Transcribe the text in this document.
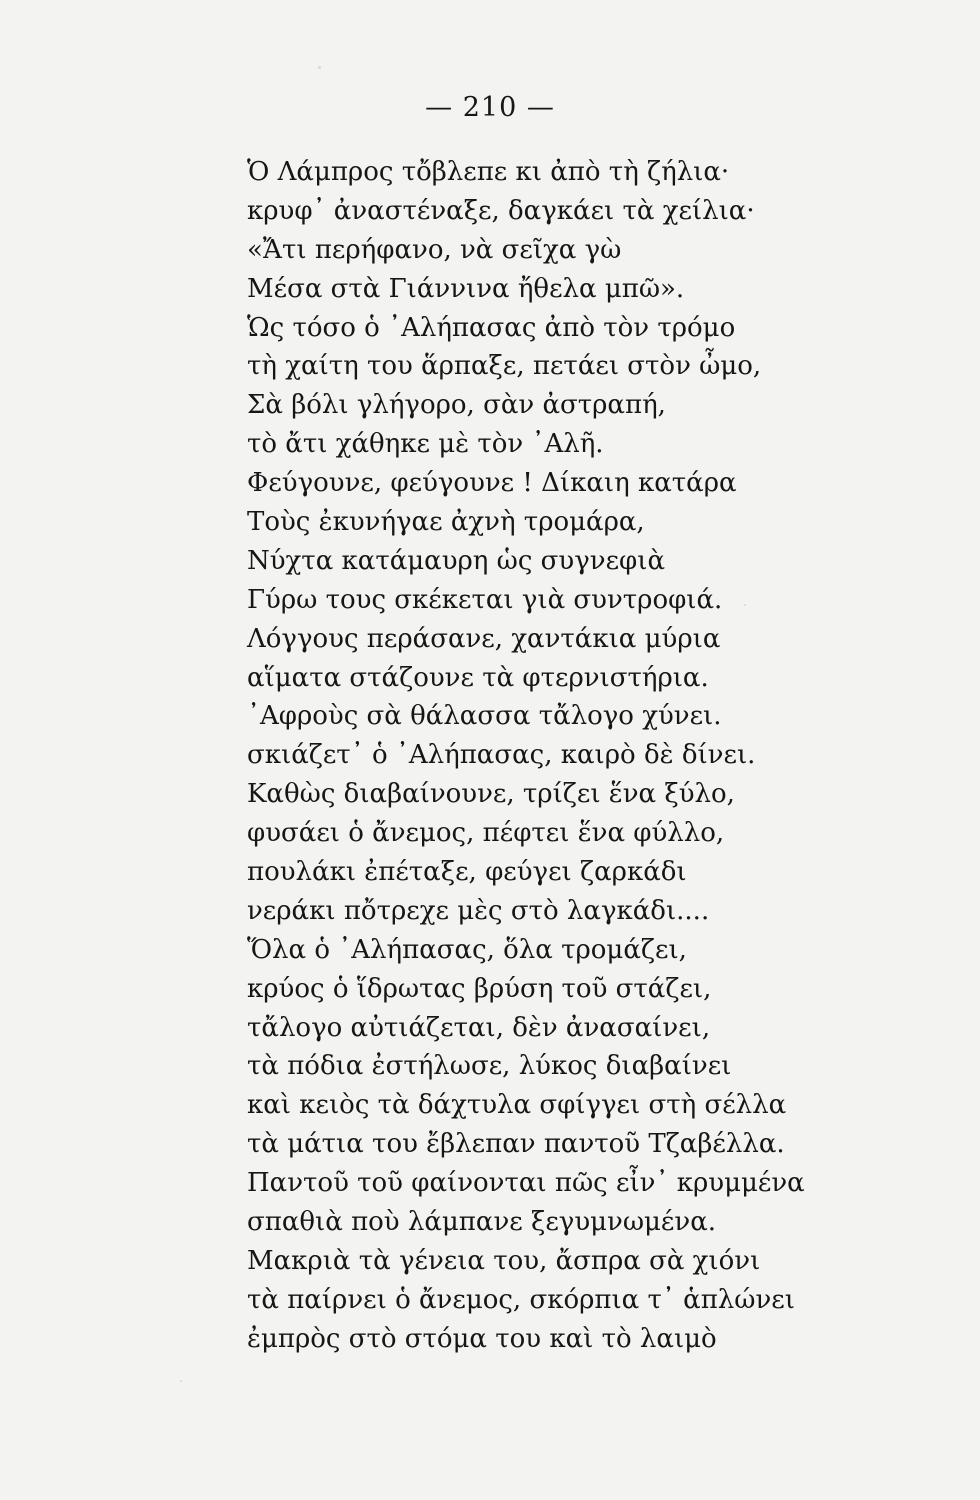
— 210 —
Ὁ Λάμπρος τὄβλεπε κι ἀπὸ τὴ ζήλια·
κρυφ᾽ ἀναστέναξε, δαγκάει τὰ χείλια·
«Ἄτι περήφανο, νὰ σεῖχα γὼ
Μέσα στὰ Γιάννινα ἤθελα μπῶ».
Ὡς τόσο ὁ ᾽Αλήπασας ἀπὸ τὸν τρόμο
τὴ χαίτη του ἅρπαξε, πετάει στὸν ὦμο,
Σὰ βόλι γλήγορο, σὰν ἀστραπή,
τὸ ἄτι χάθηκε μὲ τὸν ᾽Αλῆ.
Φεύγουνε, φεύγουνε ! Δίκαιη κατάρα
Τοὺς ἐκυνήγαε ἀχνὴ τρομάρα,
Νύχτα κατάμαυρη ὡς συγνεφιὰ
Γύρω τους σκέκεται γιὰ συντροφιά.
Λόγγους περάσανε, χαντάκια μύρια
αἵματα στάζουνε τὰ φτερνιστήρια.
᾽Αφροὺς σὰ θάλασσα τἄλογο χύνει.
σκιάζετ᾽ ὁ ᾽Αλήπασας, καιρὸ δὲ δίνει.
Καθὼς διαβαίνουνε, τρίζει ἕνα ξύλο,
φυσάει ὁ ἄνεμος, πέφτει ἕνα φύλλο,
πουλάκι ἐπέταξε, φεύγει ζαρκάδι
νεράκι πὄτρεχε μὲς στὸ λαγκάδι....
Ὅλα ὁ ᾽Αλήπασας, ὅλα τρομάζει,
κρύος ὁ ἵδρωτας βρύση τοῦ στάζει,
τἄλογο αὐτιάζεται, δὲν ἀνασαίνει,
τὰ πόδια ἐστήλωσε, λύκος διαβαίνει
καὶ κειὸς τὰ δάχτυλα σφίγγει στὴ σέλλα
τὰ μάτια του ἔβλεπαν παντοῦ Τζαβέλλα.
Παντοῦ τοῦ φαίνονται πῶς εἶν᾽ κρυμμένα
σπαθιὰ ποὺ λάμπανε ξεγυμνωμένα.
Μακριὰ τὰ γένεια του, ἄσπρα σὰ χιόνι
τὰ παίρνει ὁ ἄνεμος, σκόρπια τ᾽ ἁπλώνει
ἐμπρὸς στὸ στόμα του καὶ τὸ λαιμὸ
